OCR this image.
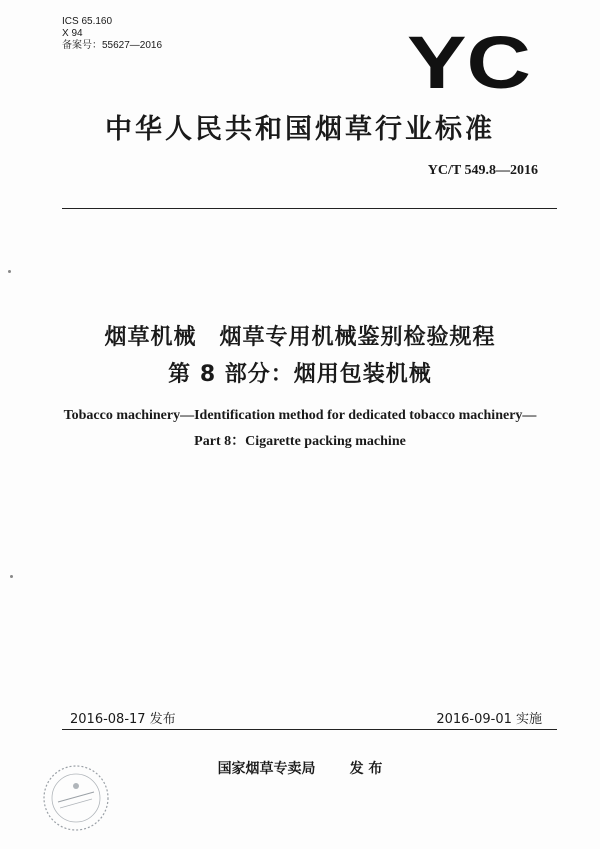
ICS 65.160
X 94
备案号：55627—2016	YC
中华人民共和国烟草行业标准
YC/T 549.8—2016
烟草机械　烟草专用机械鉴别检验规程
第 8 部分：烟用包装机械
Tobacco machinery—Identification method for dedicated tobacco machinery—
Part 8：Cigarette packing machine
2016-08-17 发布	2016-09-01 实施
国家烟草专卖局 发 布
